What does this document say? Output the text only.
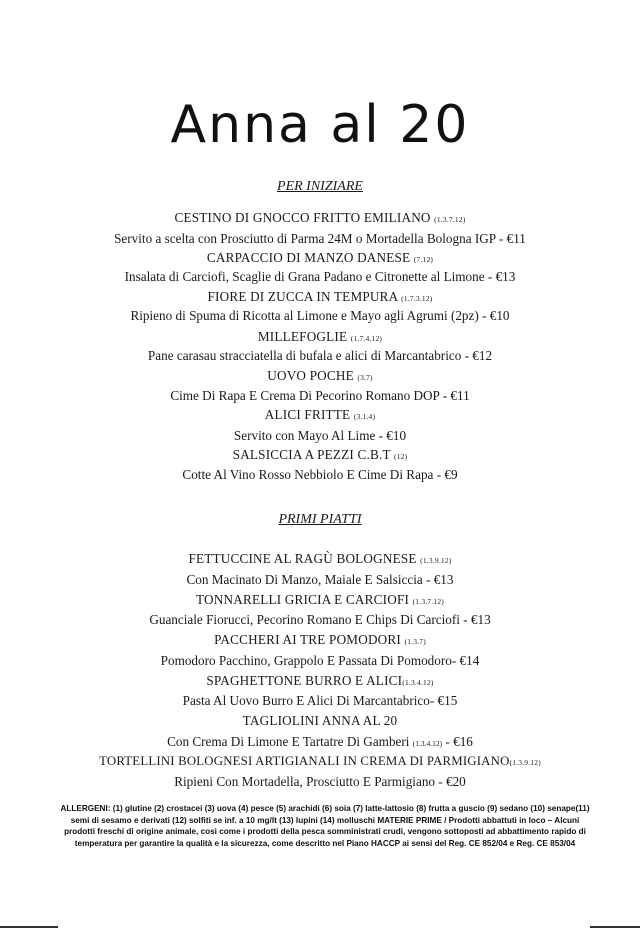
Anna al 20
PER INIZIARE
CESTINO DI GNOCCO FRITTO EMILIANO (1.3.7.12)
Servito a scelta con Prosciutto di Parma 24M o Mortadella Bologna IGP - €11
CARPACCIO DI MANZO DANESE (7.12)
Insalata di Carciofi, Scaglie di Grana Padano e Citronette al Limone - €13
FIORE DI ZUCCA IN TEMPURA (1.7.3.12)
Ripieno di Spuma di Ricotta al Limone e Mayo agli Agrumi (2pz) - €10
MILLEFOGLIE (1.7.4.12)
Pane carasau stracciatella di bufala e alici di Marcantabrico - €12
UOVO POCHE (3.7)
Cime Di Rapa E Crema Di Pecorino Romano DOP - €11
ALICI FRITTE (3.1.4)
Servito con Mayo Al Lime - €10
SALSICCIA A PEZZI C.B.T (12)
Cotte Al Vino Rosso Nebbiolo E Cime Di Rapa - €9
PRIMI PIATTI
FETTUCCINE AL RAGÙ BOLOGNESE (1.3.9.12)
Con Macinato Di Manzo, Maiale E Salsiccia - €13
TONNARELLI GRICIA E CARCIOFI (1.3.7.12)
Guanciale Fiorucci, Pecorino Romano E Chips Di Carciofi - €13
PACCHERI AI TRE POMODORI (1.3.7)
Pomodoro Pacchino, Grappolo E Passata Di Pomodoro- €14
SPAGHETTONE BURRO E ALICI(1.3.4.12)
Pasta Al Uovo Burro E Alici Di Marcantabrico- €15
TAGLIOLINI ANNA AL 20
Con Crema Di Limone E Tartatre Di Gamberi (1.3.4.12) - €16
TORTELLINI BOLOGNESI ARTIGIANALI IN CREMA DI PARMIGIANO(1.3.9.12)
Ripieni Con Mortadella, Prosciutto E Parmigiano - €20
ALLERGENI: (1) glutine (2) crostacei (3) uova (4) pesce (5) arachidi (6) soia (7) latte-lattosio (8) frutta a guscio (9) sedano (10) senape(11) semi di sesamo e derivati (12) solfiti se inf. a 10 mg/lt (13) lupini (14) molluschi MATERIE PRIME / Prodotti abbattuti in loco – Alcuni prodotti freschi di origine animale, così come i prodotti della pesca somministrati crudi, vengono sottoposti ad abbattimento rapido di temperatura per garantire la qualità e la sicurezza, come descritto nel Piano HACCP ai sensi del Reg. CE 852/04 e Reg. CE 853/04
